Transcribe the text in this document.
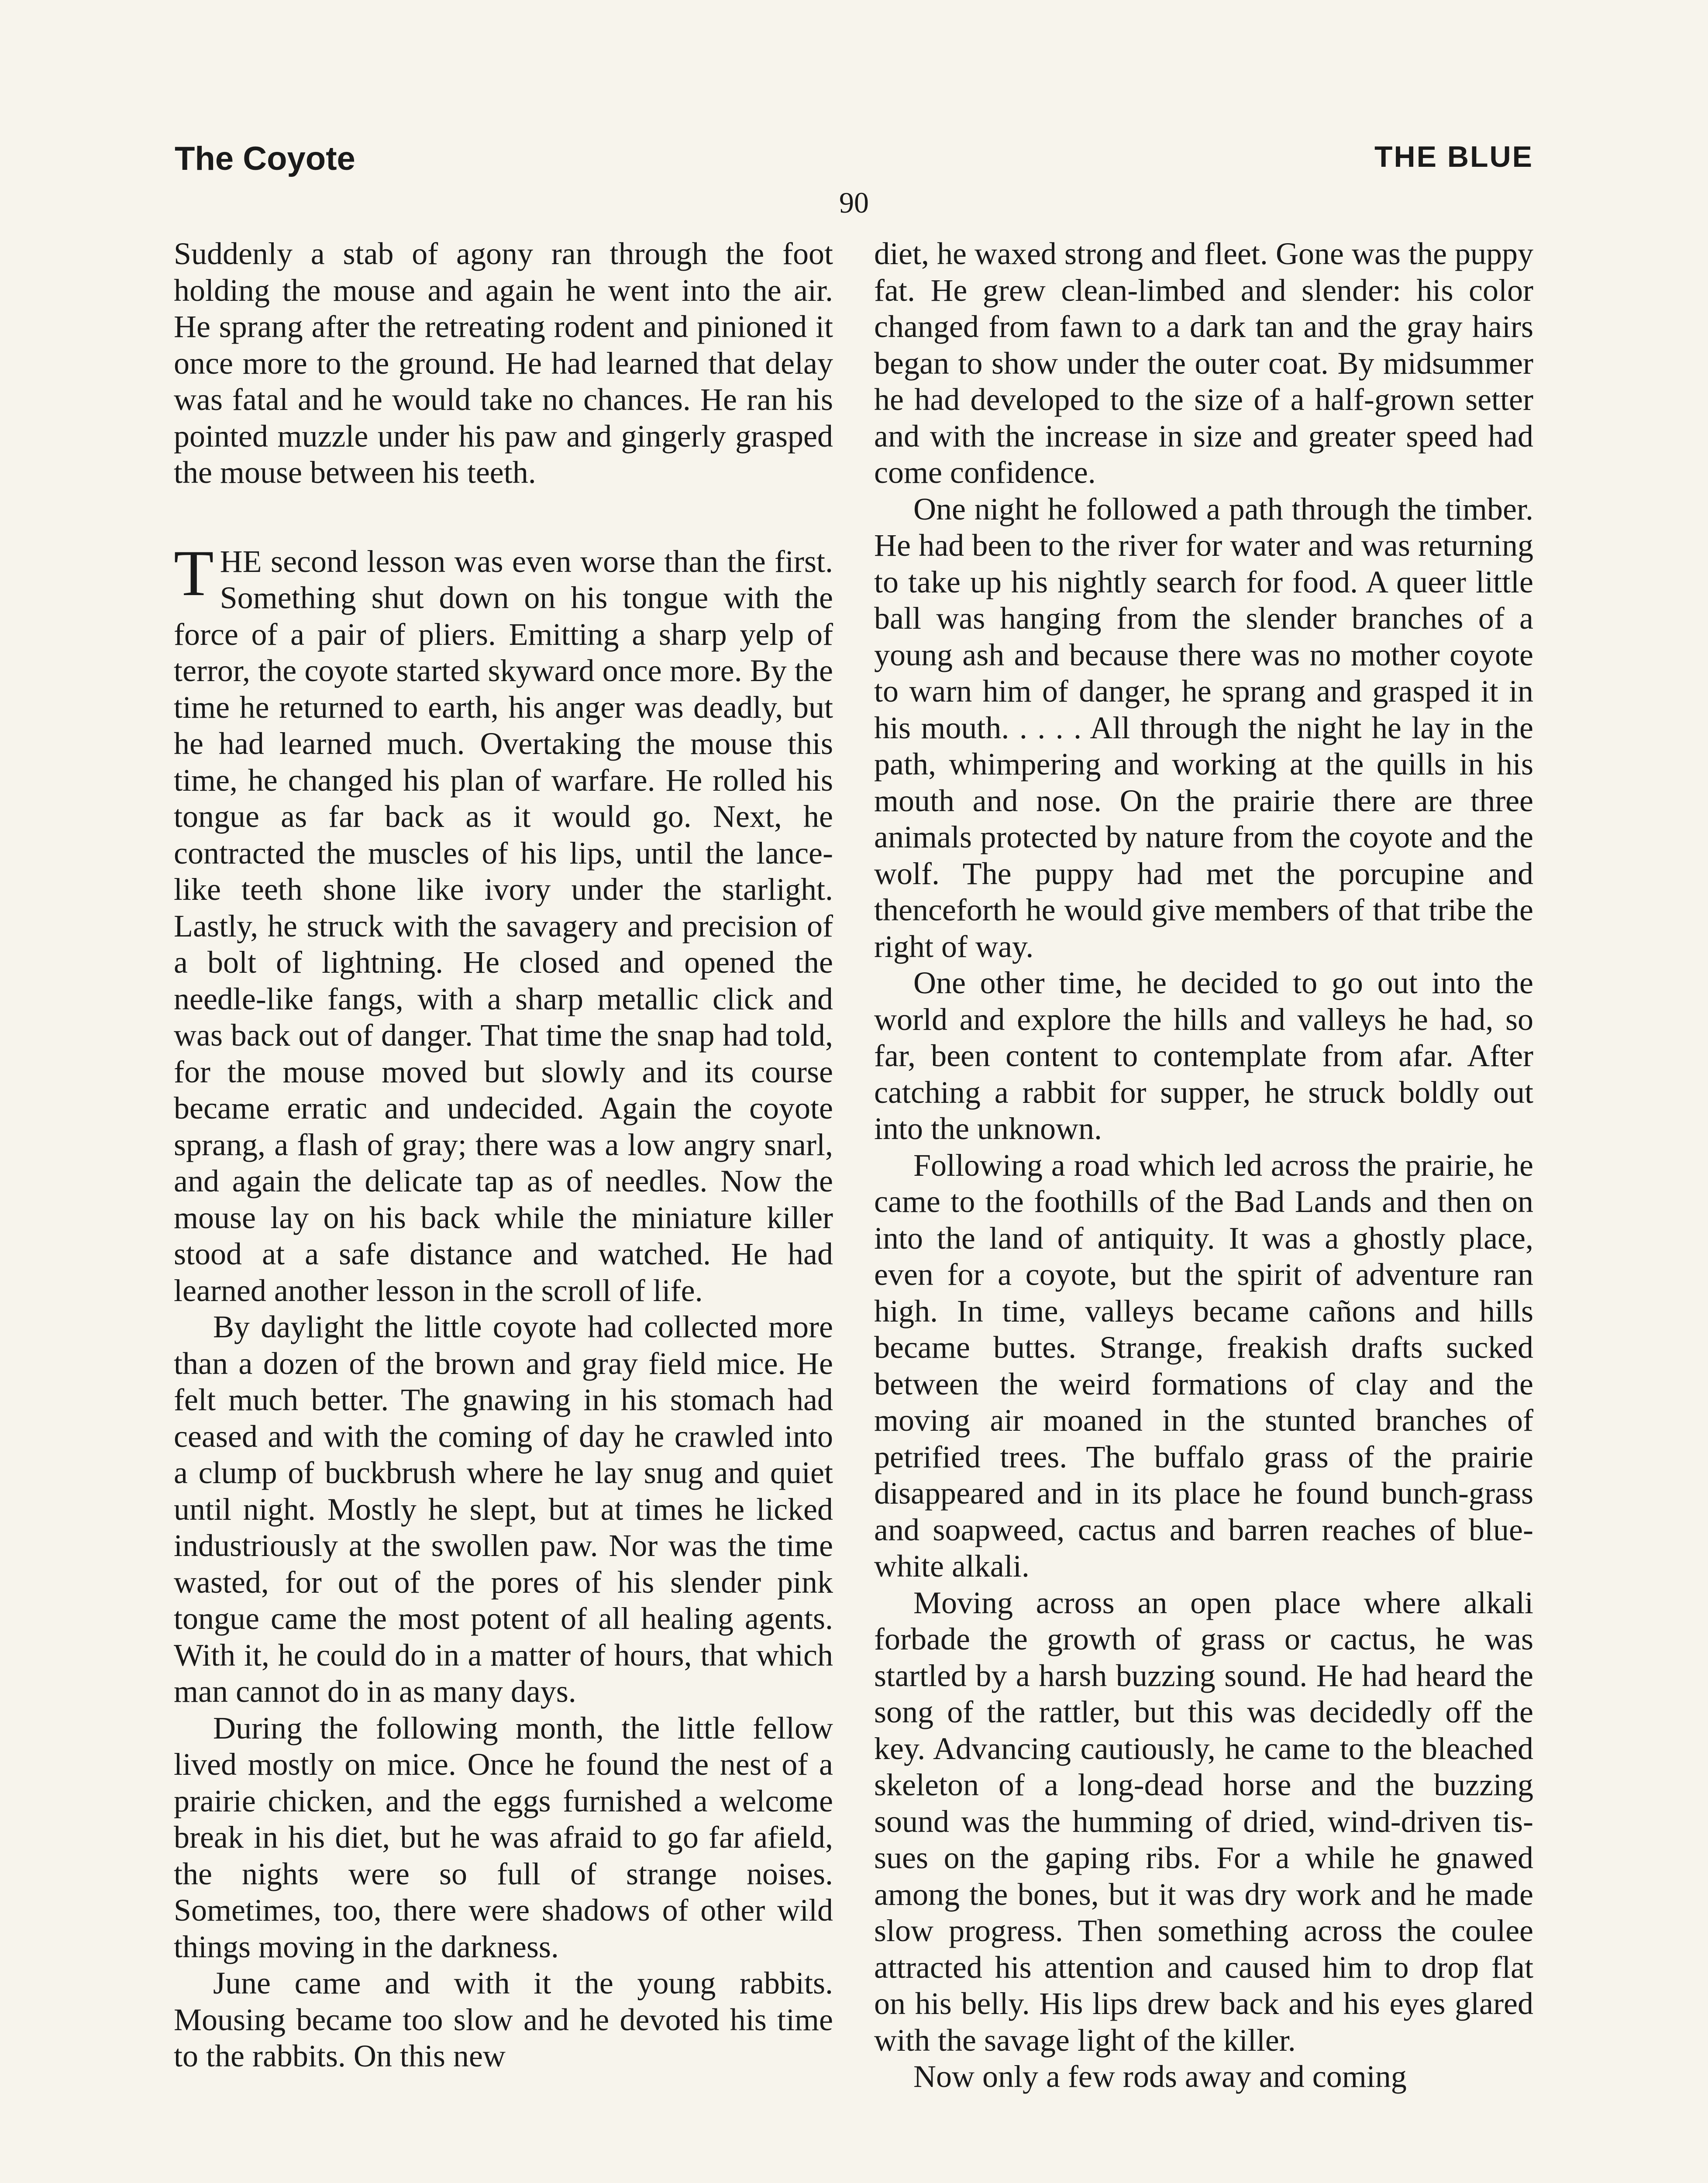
The Coyote
90
THE BLUE

Suddenly a stab of agony ran through the foot holding the mouse and again he went into the air. He sprang after the retreating rodent and pinioned it once more to the ground. He had learned that delay was fatal and he would take no chances. He ran his pointed muzzle under his paw and gingerly grasped the mouse between his teeth.

THE second lesson was even worse than the first. Something shut down on his tongue with the force of a pair of pliers. Emitting a sharp yelp of terror, the coyote started skyward once more. By the time he returned to earth, his anger was deadly, but he had learned much. Overtaking the mouse this time, he changed his plan of warfare. He rolled his tongue as far back as it would go. Next, he contracted the muscles of his lips, until the lance-like teeth shone like ivory under the starlight. Lastly, he struck with the savagery and precision of a bolt of lightning. He closed and opened the needle-like fangs, with a sharp metallic click and was back out of danger. That time the snap had told, for the mouse moved but slowly and its course became erratic and undecided. Again the coyote sprang, a flash of gray; there was a low angry snarl, and again the delicate tap as of needles. Now the mouse lay on his back while the miniature killer stood at a safe distance and watched. He had learned another lesson in the scroll of life.

By daylight the little coyote had collected more than a dozen of the brown and gray field mice. He felt much better. The gnawing in his stomach had ceased and with the coming of day he crawled into a clump of buckbrush where he lay snug and quiet until night. Mostly he slept, but at times he licked industriously at the swollen paw. Nor was the time wasted, for out of the pores of his slender pink tongue came the most potent of all healing agents. With it, he could do in a matter of hours, that which man cannot do in as many days.

During the following month, the little fellow lived mostly on mice. Once he found the nest of a prairie chicken, and the eggs furnished a welcome break in his diet, but he was afraid to go far afield, the nights were so full of strange noises. Sometimes, too, there were shadows of other wild things moving in the darkness.

June came and with it the young rabbits. Mousing became too slow and he devoted his time to the rabbits. On this new

diet, he waxed strong and fleet. Gone was the puppy fat. He grew clean-limbed and slender: his color changed from fawn to a dark tan and the gray hairs began to show under the outer coat. By midsummer he had developed to the size of a half-grown setter and with the increase in size and greater speed had come confidence.

One night he followed a path through the timber. He had been to the river for water and was returning to take up his nightly search for food. A queer little ball was hanging from the slender branches of a young ash and because there was no mother coyote to warn him of danger, he sprang and grasped it in his mouth. . . . . All through the night he lay in the path, whimpering and working at the quills in his mouth and nose. On the prairie there are three animals protected by nature from the coyote and the wolf. The puppy had met the porcupine and thenceforth he would give members of that tribe the right of way.

One other time, he decided to go out into the world and explore the hills and valleys he had, so far, been content to contemplate from afar. After catching a rabbit for supper, he struck boldly out into the unknown.

Following a road which led across the prairie, he came to the foothills of the Bad Lands and then on into the land of antiquity. It was a ghostly place, even for a coyote, but the spirit of adventure ran high. In time, valleys became cañons and hills became buttes. Strange, freakish drafts sucked between the weird formations of clay and the moving air moaned in the stunted branches of petrified trees. The buffalo grass of the prairie disappeared and in its place he found bunch-grass and soapweed, cactus and barren reaches of bluewhite alkali.

Moving across an open place where alkali forbade the growth of grass or cactus, he was startled by a harsh buzzing sound. He had heard the song of the rattler, but this was decidedly off the key. Advancing cautiously, he came to the bleached skeleton of a long-dead horse and the buzzing sound was the humming of dried, wind-driven tissues on the gaping ribs. For a while he gnawed among the bones, but it was dry work and he made slow progress. Then something across the coulee attracted his attention and caused him to drop flat on his belly. His lips drew back and his eyes glared with the savage light of the killer.

Now only a few rods away and coming
